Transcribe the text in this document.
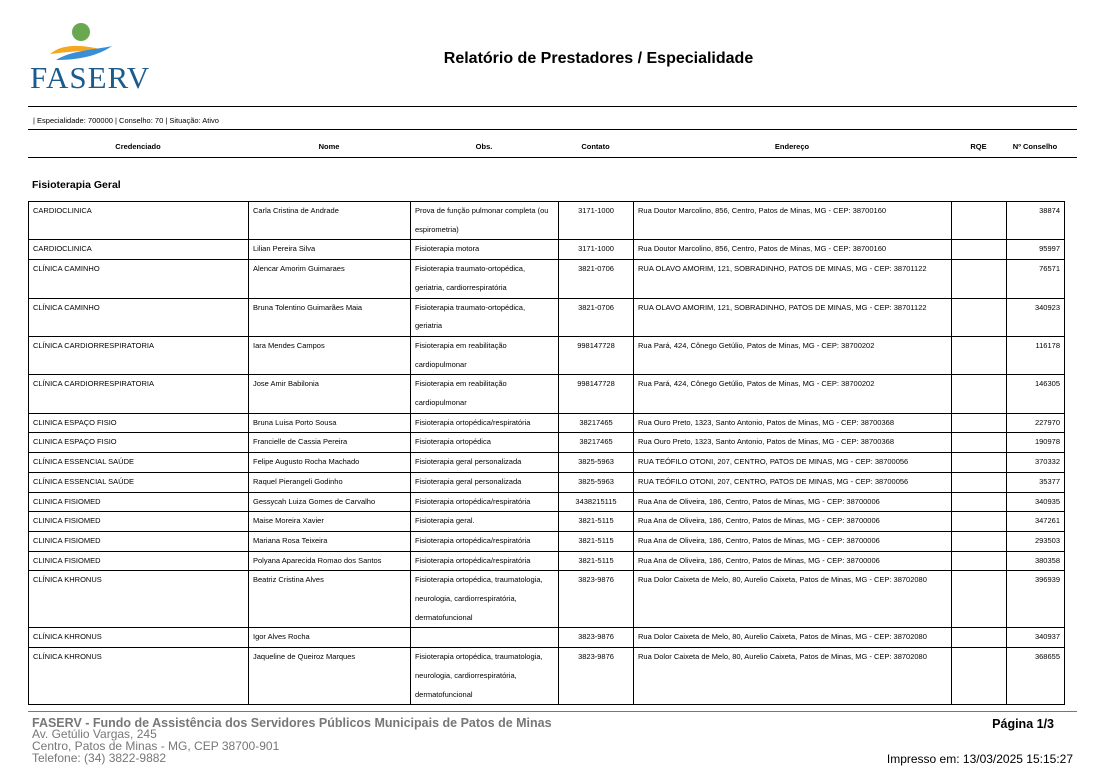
FASERV
Relatório de Prestadores / Especialidade
| Especialidade: 700000 | Conselho: 70 | Situação: Ativo
Credenciado	Nome	Obs.	Contato	Endereço	RQE	Nº Conselho
Fisioterapia Geral
CARDIOCLINICA	Carla Cristina de Andrade	Prova de função pulmonar completa (ou espirometria)	3171-1000	Rua Doutor Marcolino, 856, Centro, Patos de Minas, MG - CEP: 38700160		38874
CARDIOCLINICA	Lilian Pereira Silva	Fisioterapia motora	3171-1000	Rua Doutor Marcolino, 856, Centro, Patos de Minas, MG - CEP: 38700160		95997
CLÍNICA CAMINHO	Alencar Amorim Guimaraes	Fisioterapia traumato-ortopédica, geriatria, cardiorrespiratória	3821-0706	RUA OLAVO AMORIM, 121, SOBRADINHO, PATOS DE MINAS, MG - CEP: 38701122		76571
CLÍNICA CAMINHO	Bruna Tolentino Guimarães Maia	Fisioterapia traumato-ortopédica, geriatria	3821-0706	RUA OLAVO AMORIM, 121, SOBRADINHO, PATOS DE MINAS, MG - CEP: 38701122		340923
CLÍNICA CARDIORRESPIRATORIA	Iara Mendes Campos	Fisioterapia em reabilitação cardiopulmonar	998147728	Rua Pará, 424, Cônego Getúlio, Patos de Minas, MG - CEP: 38700202		116178
CLÍNICA CARDIORRESPIRATORIA	Jose Amir Babilonia	Fisioterapia em reabilitação cardiopulmonar	998147728	Rua Pará, 424, Cônego Getúlio, Patos de Minas, MG - CEP: 38700202		146305
CLINICA ESPAÇO FISIO	Bruna Luisa Porto Sousa	Fisioterapia ortopédica/respiratória	38217465	Rua Ouro Preto, 1323, Santo Antonio, Patos de Minas, MG - CEP: 38700368		227970
CLINICA ESPAÇO FISIO	Francielle de Cassia Pereira	Fisioterapia ortopédica	38217465	Rua Ouro Preto, 1323, Santo Antonio, Patos de Minas, MG - CEP: 38700368		190978
CLÍNICA ESSENCIAL SAÚDE	Felipe Augusto Rocha Machado	Fisioterapia geral personalizada	3825-5963	RUA TEÓFILO OTONI, 207, CENTRO, PATOS DE MINAS, MG - CEP: 38700056		370332
CLÍNICA ESSENCIAL SAÚDE	Raquel Pierangeli Godinho	Fisioterapia geral personalizada	3825-5963	RUA TEÓFILO OTONI, 207, CENTRO, PATOS DE MINAS, MG - CEP: 38700056		35377
CLINICA FISIOMED	Gessycah Luiza Gomes de Carvalho	Fisioterapia ortopédica/respiratória	3438215115	Rua Ana de Oliveira, 186, Centro, Patos de Minas, MG - CEP: 38700006		340935
CLINICA FISIOMED	Maise Moreira Xavier	Fisioterapia geral.	3821-5115	Rua Ana de Oliveira, 186, Centro, Patos de Minas, MG - CEP: 38700006		347261
CLINICA FISIOMED	Mariana Rosa Teixeira	Fisioterapia ortopédica/respiratória	3821-5115	Rua Ana de Oliveira, 186, Centro, Patos de Minas, MG - CEP: 38700006		293503
CLINICA FISIOMED	Polyana Aparecida Romao dos Santos	Fisioterapia ortopédica/respiratória	3821-5115	Rua Ana de Oliveira, 186, Centro, Patos de Minas, MG - CEP: 38700006		380358
CLÍNICA KHRONUS	Beatriz Cristina Alves	Fisioterapia ortopédica, traumatologia, neurologia, cardiorrespiratória, dermatofuncional	3823-9876	Rua Dolor Caixeta de Melo, 80, Aurelio Caixeta, Patos de Minas, MG - CEP: 38702080		396939
CLÍNICA KHRONUS	Igor Alves Rocha		3823-9876	Rua Dolor Caixeta de Melo, 80, Aurelio Caixeta, Patos de Minas, MG - CEP: 38702080		340937
CLÍNICA KHRONUS	Jaqueline de Queiroz Marques	Fisioterapia ortopédica, traumatologia, neurologia, cardiorrespiratória, dermatofuncional	3823-9876	Rua Dolor Caixeta de Melo, 80, Aurelio Caixeta, Patos de Minas, MG - CEP: 38702080		368655
FASERV - Fundo de Assistência dos Servidores Públicos Municipais de Patos de Minas
Av. Getúlio Vargas, 245
Centro, Patos de Minas - MG, CEP 38700-901
Telefone: (34) 3822-9882
Página 1/3
Impresso em: 13/03/2025 15:15:27
